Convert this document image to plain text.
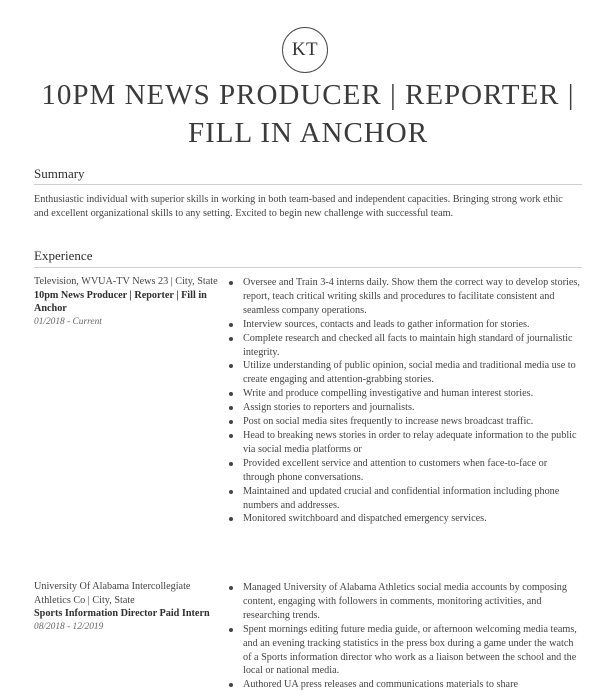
KT
10PM NEWS PRODUCER | REPORTER |
FILL IN ANCHOR
Summary

Enthusiastic individual with superior skills in working in both team-based and independent capacities. Bringing strong work ethic and excellent organizational skills to any setting. Excited to begin new challenge with successful team.

Experience
Television, WVUA-TV News 23 | City, State
10pm News Producer | Reporter | Fill in Anchor
01/2018 - Current
Oversee and Train 3-4 interns daily. Show them the correct way to develop stories, report, teach critical writing skills and procedures to facilitate consistent and seamless company operations.
Interview sources, contacts and leads to gather information for stories.
Complete research and checked all facts to maintain high standard of journalistic integrity.
Utilize understanding of public opinion, social media and traditional media use to create engaging and attention-grabbing stories.
Write and produce compelling investigative and human interest stories.
Assign stories to reporters and journalists.
Post on social media sites frequently to increase news broadcast traffic.
Head to breaking news stories in order to relay adequate information to the public via social media platforms or
Provided excellent service and attention to customers when face-to-face or through phone conversations.
Maintained and updated crucial and confidential information including phone numbers and addresses.
Monitored switchboard and dispatched emergency services.
University Of Alabama Intercollegiate Athletics Co | City, State
Sports Information Director Paid Intern
08/2018 - 12/2019
Managed University of Alabama Athletics social media accounts by composing content, engaging with followers in comments, monitoring activities, and researching trends.
Spent mornings editing future media guide, or afternoon welcoming media teams, and an evening tracking statistics in the press box during a game under the watch of a Sports information director who work as a liaison between the school and the local or national media.
Authored UA press releases and communications materials to share
